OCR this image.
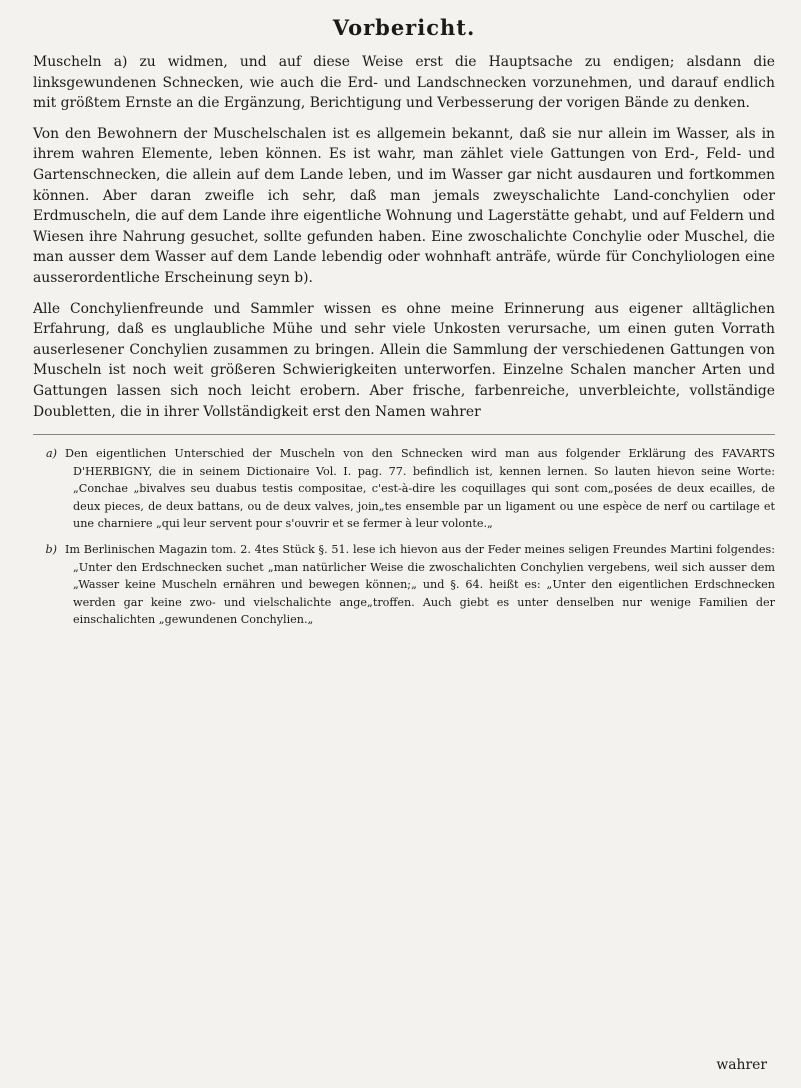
Vorbericht.

Muscheln a) zu widmen, und auf diese Weise erst die Hauptsache zu endigen; alsdann die linksgewundenen Schnecken, wie auch die Erd- und Landschnecken vorzunehmen, und darauf endlich mit größtem Ernste an die Ergänzung, Berichtigung und Verbesserung der vorigen Bände zu denken.

Von den Bewohnern der Muschelschalen ist es allgemein bekannt, daß sie nur allein im Wasser, als in ihrem wahren Elemente, leben können. Es ist wahr, man zählet viele Gattungen von Erd-, Feld- und Gartenschnecken, die allein auf dem Lande leben, und im Wasser gar nicht ausdauren und fortkommen können. Aber daran zweifle ich sehr, daß man jemals zweyschalichte Land-conchylien oder Erdmuscheln, die auf dem Lande ihre eigentliche Wohnung und Lagerstätte gehabt, und auf Feldern und Wiesen ihre Nahrung gesuchet, sollte gefunden haben. Eine zwoschalichte Conchylie oder Muschel, die man ausser dem Wasser auf dem Lande lebendig oder wohnhaft anträfe, würde für Conchyliologen eine ausserordentliche Erscheinung seyn b).

Alle Conchylienfreunde und Sammler wissen es ohne meine Erinnerung aus eigener alltäglichen Erfahrung, daß es unglaubliche Mühe und sehr viele Unkosten verursache, um einen guten Vorrath auserlesener Conchylien zusammen zu bringen. Allein die Sammlung der verschiedenen Gattungen von Muscheln ist noch weit größeren Schwierigkeiten unterworfen. Einzelne Schalen mancher Arten und Gattungen lassen sich noch leicht erobern. Aber frische, farbenreiche, unverbleichte, vollständige Doubletten, die in ihrer Vollständigkeit erst den Namen wahrer

a) Den eigentlichen Unterschied der Muscheln von den Schnecken wird man aus folgender Erklärung des FAVARTS D'HERBIGNY, die in seinem Dictionaire Vol. I. pag. 77. befindlich ist, kennen lernen. So lauten hievon seine Worte: „Conchae „bivalves seu duabus testis compositae, c'est-à-dire les coquillages qui sont com„posées de deux ecailles, de deux pieces, de deux battans, ou de deux valves, join„tes ensemble par un ligament ou une espèce de nerf ou cartilage et une charniere „qui leur servent pour s'ouvrir et se fermer à leur volonte.„

b) Im Berlinischen Magazin tom. 2. 4tes Stück §. 51. lese ich hievon aus der Feder meines seligen Freundes Martini folgendes: „Unter den Erdschnecken suchet „man natürlicher Weise die zwoschalichten Conchylien vergebens, weil sich ausser dem „Wasser keine Muscheln ernähren und bewegen können;„ und §. 64. heißt es: „Unter den eigentlichen Erdschnecken werden gar keine zwo- und vielschalichte ange„troffen. Auch giebt es unter denselben nur wenige Familien der einschalichten „gewundenen Conchylien.„

wahrer
